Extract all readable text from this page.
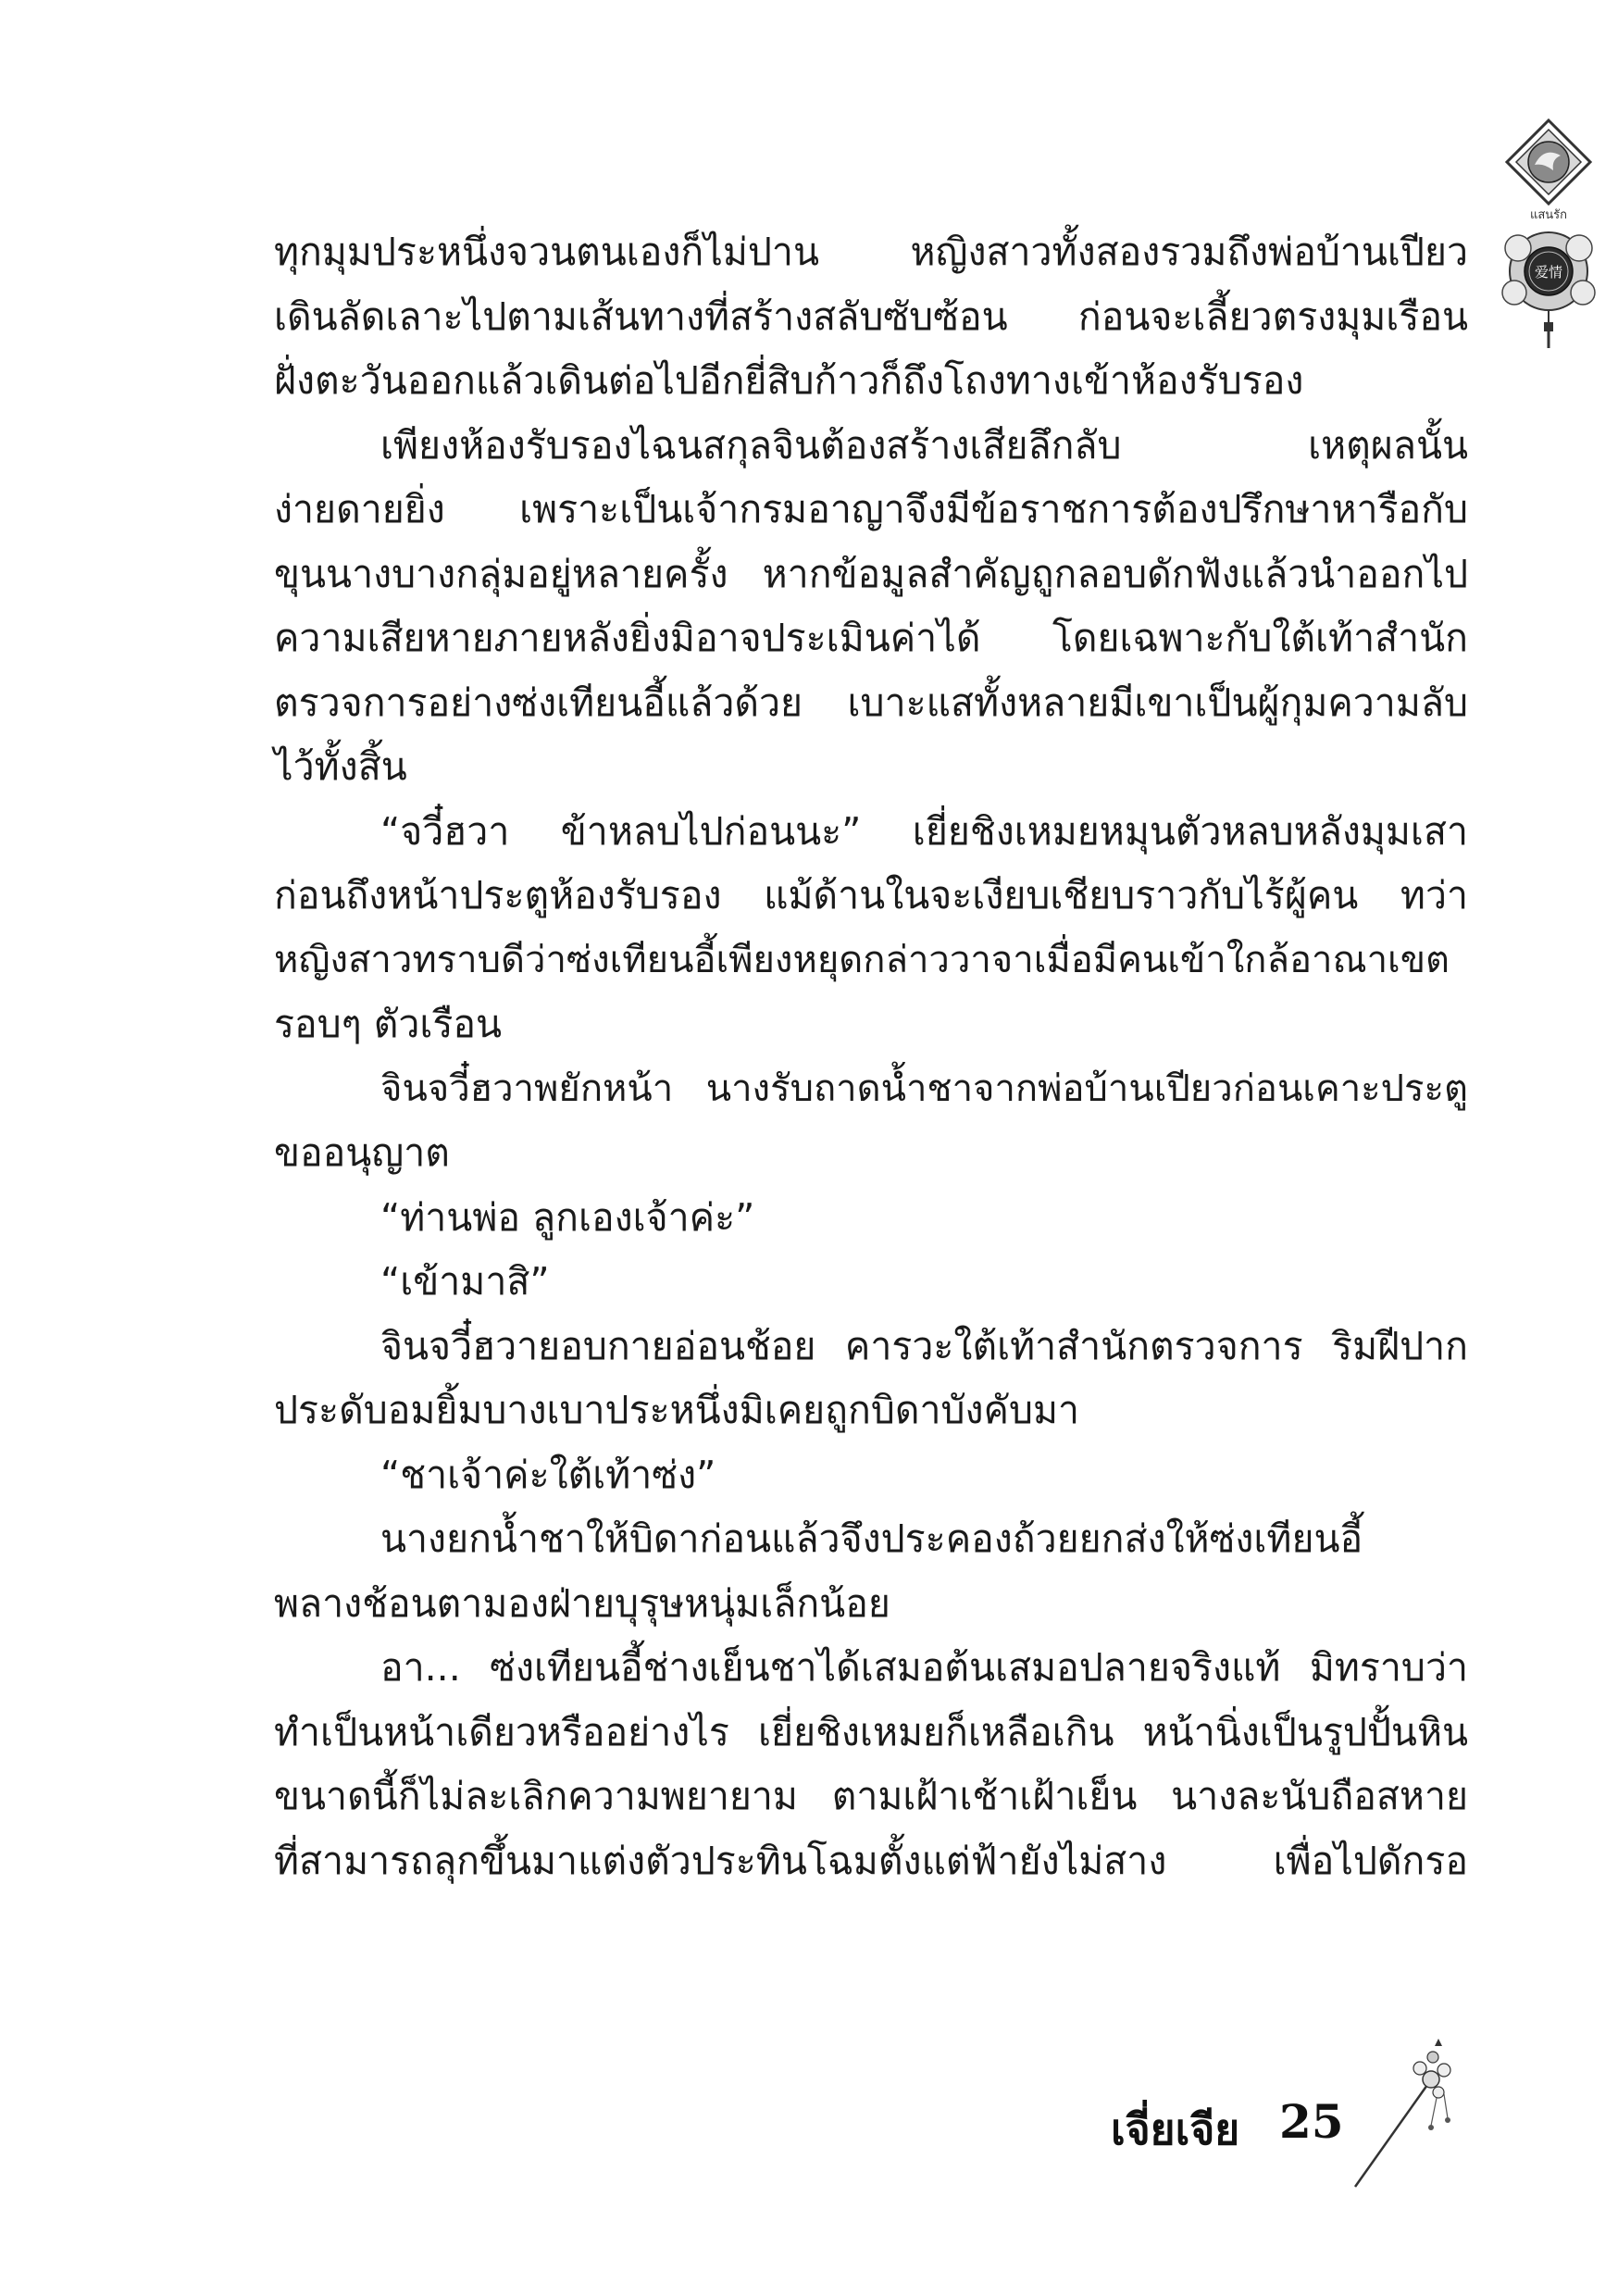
แสนรัก
爱情
ทุกมุมประหนึ่งจวนตนเองก็ไม่ปาน หญิงสาวทั้งสองรวมถึงพ่อบ้านเปียว
เดินลัดเลาะไปตามเส้นทางที่สร้างสลับซับซ้อน ก่อนจะเลี้ยวตรงมุมเรือน
ฝั่งตะวันออกแล้วเดินต่อไปอีกยี่สิบก้าวก็ถึงโถงทางเข้าห้องรับรอง
เพียงห้องรับรองไฉนสกุลจินต้องสร้างเสียลึกลับ เหตุผลนั้น
ง่ายดายยิ่ง เพราะเป็นเจ้ากรมอาญาจึงมีข้อราชการต้องปรึกษาหารือกับ
ขุนนางบางกลุ่มอยู่หลายครั้ง หากข้อมูลสำคัญถูกลอบดักฟังแล้วนำออกไป
ความเสียหายภายหลังยิ่งมิอาจประเมินค่าได้ โดยเฉพาะกับใต้เท้าสำนัก
ตรวจการอย่างซ่งเทียนอี้แล้วด้วย เบาะแสทั้งหลายมีเขาเป็นผู้กุมความลับ
ไว้ทั้งสิ้น
“จวี๋ฮวา ข้าหลบไปก่อนนะ” เยี่ยชิงเหมยหมุนตัวหลบหลังมุมเสา
ก่อนถึงหน้าประตูห้องรับรอง แม้ด้านในจะเงียบเชียบราวกับไร้ผู้คน ทว่า
หญิงสาวทราบดีว่าซ่งเทียนอี้เพียงหยุดกล่าววาจาเมื่อมีคนเข้าใกล้อาณาเขต
รอบๆ ตัวเรือน
จินจวี๋ฮวาพยักหน้า นางรับถาดน้ำชาจากพ่อบ้านเปียวก่อนเคาะประตู
ขออนุญาต
“ท่านพ่อ ลูกเองเจ้าค่ะ”
“เข้ามาสิ”
จินจวี๋ฮวายอบกายอ่อนช้อย คารวะใต้เท้าสำนักตรวจการ ริมฝีปาก
ประดับอมยิ้มบางเบาประหนึ่งมิเคยถูกบิดาบังคับมา
“ชาเจ้าค่ะใต้เท้าซ่ง”
นางยกน้ำชาให้บิดาก่อนแล้วจึงประคองถ้วยยกส่งให้ซ่งเทียนอี้
พลางช้อนตามองฝ่ายบุรุษหนุ่มเล็กน้อย
อา... ซ่งเทียนอี้ช่างเย็นชาได้เสมอต้นเสมอปลายจริงแท้ มิทราบว่า
ทำเป็นหน้าเดียวหรืออย่างไร เยี่ยชิงเหมยก็เหลือเกิน หน้านิ่งเป็นรูปปั้นหิน
ขนาดนี้ก็ไม่ละเลิกความพยายาม ตามเฝ้าเช้าเฝ้าเย็น นางละนับถือสหาย
ที่สามารถลุกขึ้นมาแต่งตัวประทินโฉมตั้งแต่ฟ้ายังไม่สาง เพื่อไปดักรอ
เจี่ยเจีย 25
